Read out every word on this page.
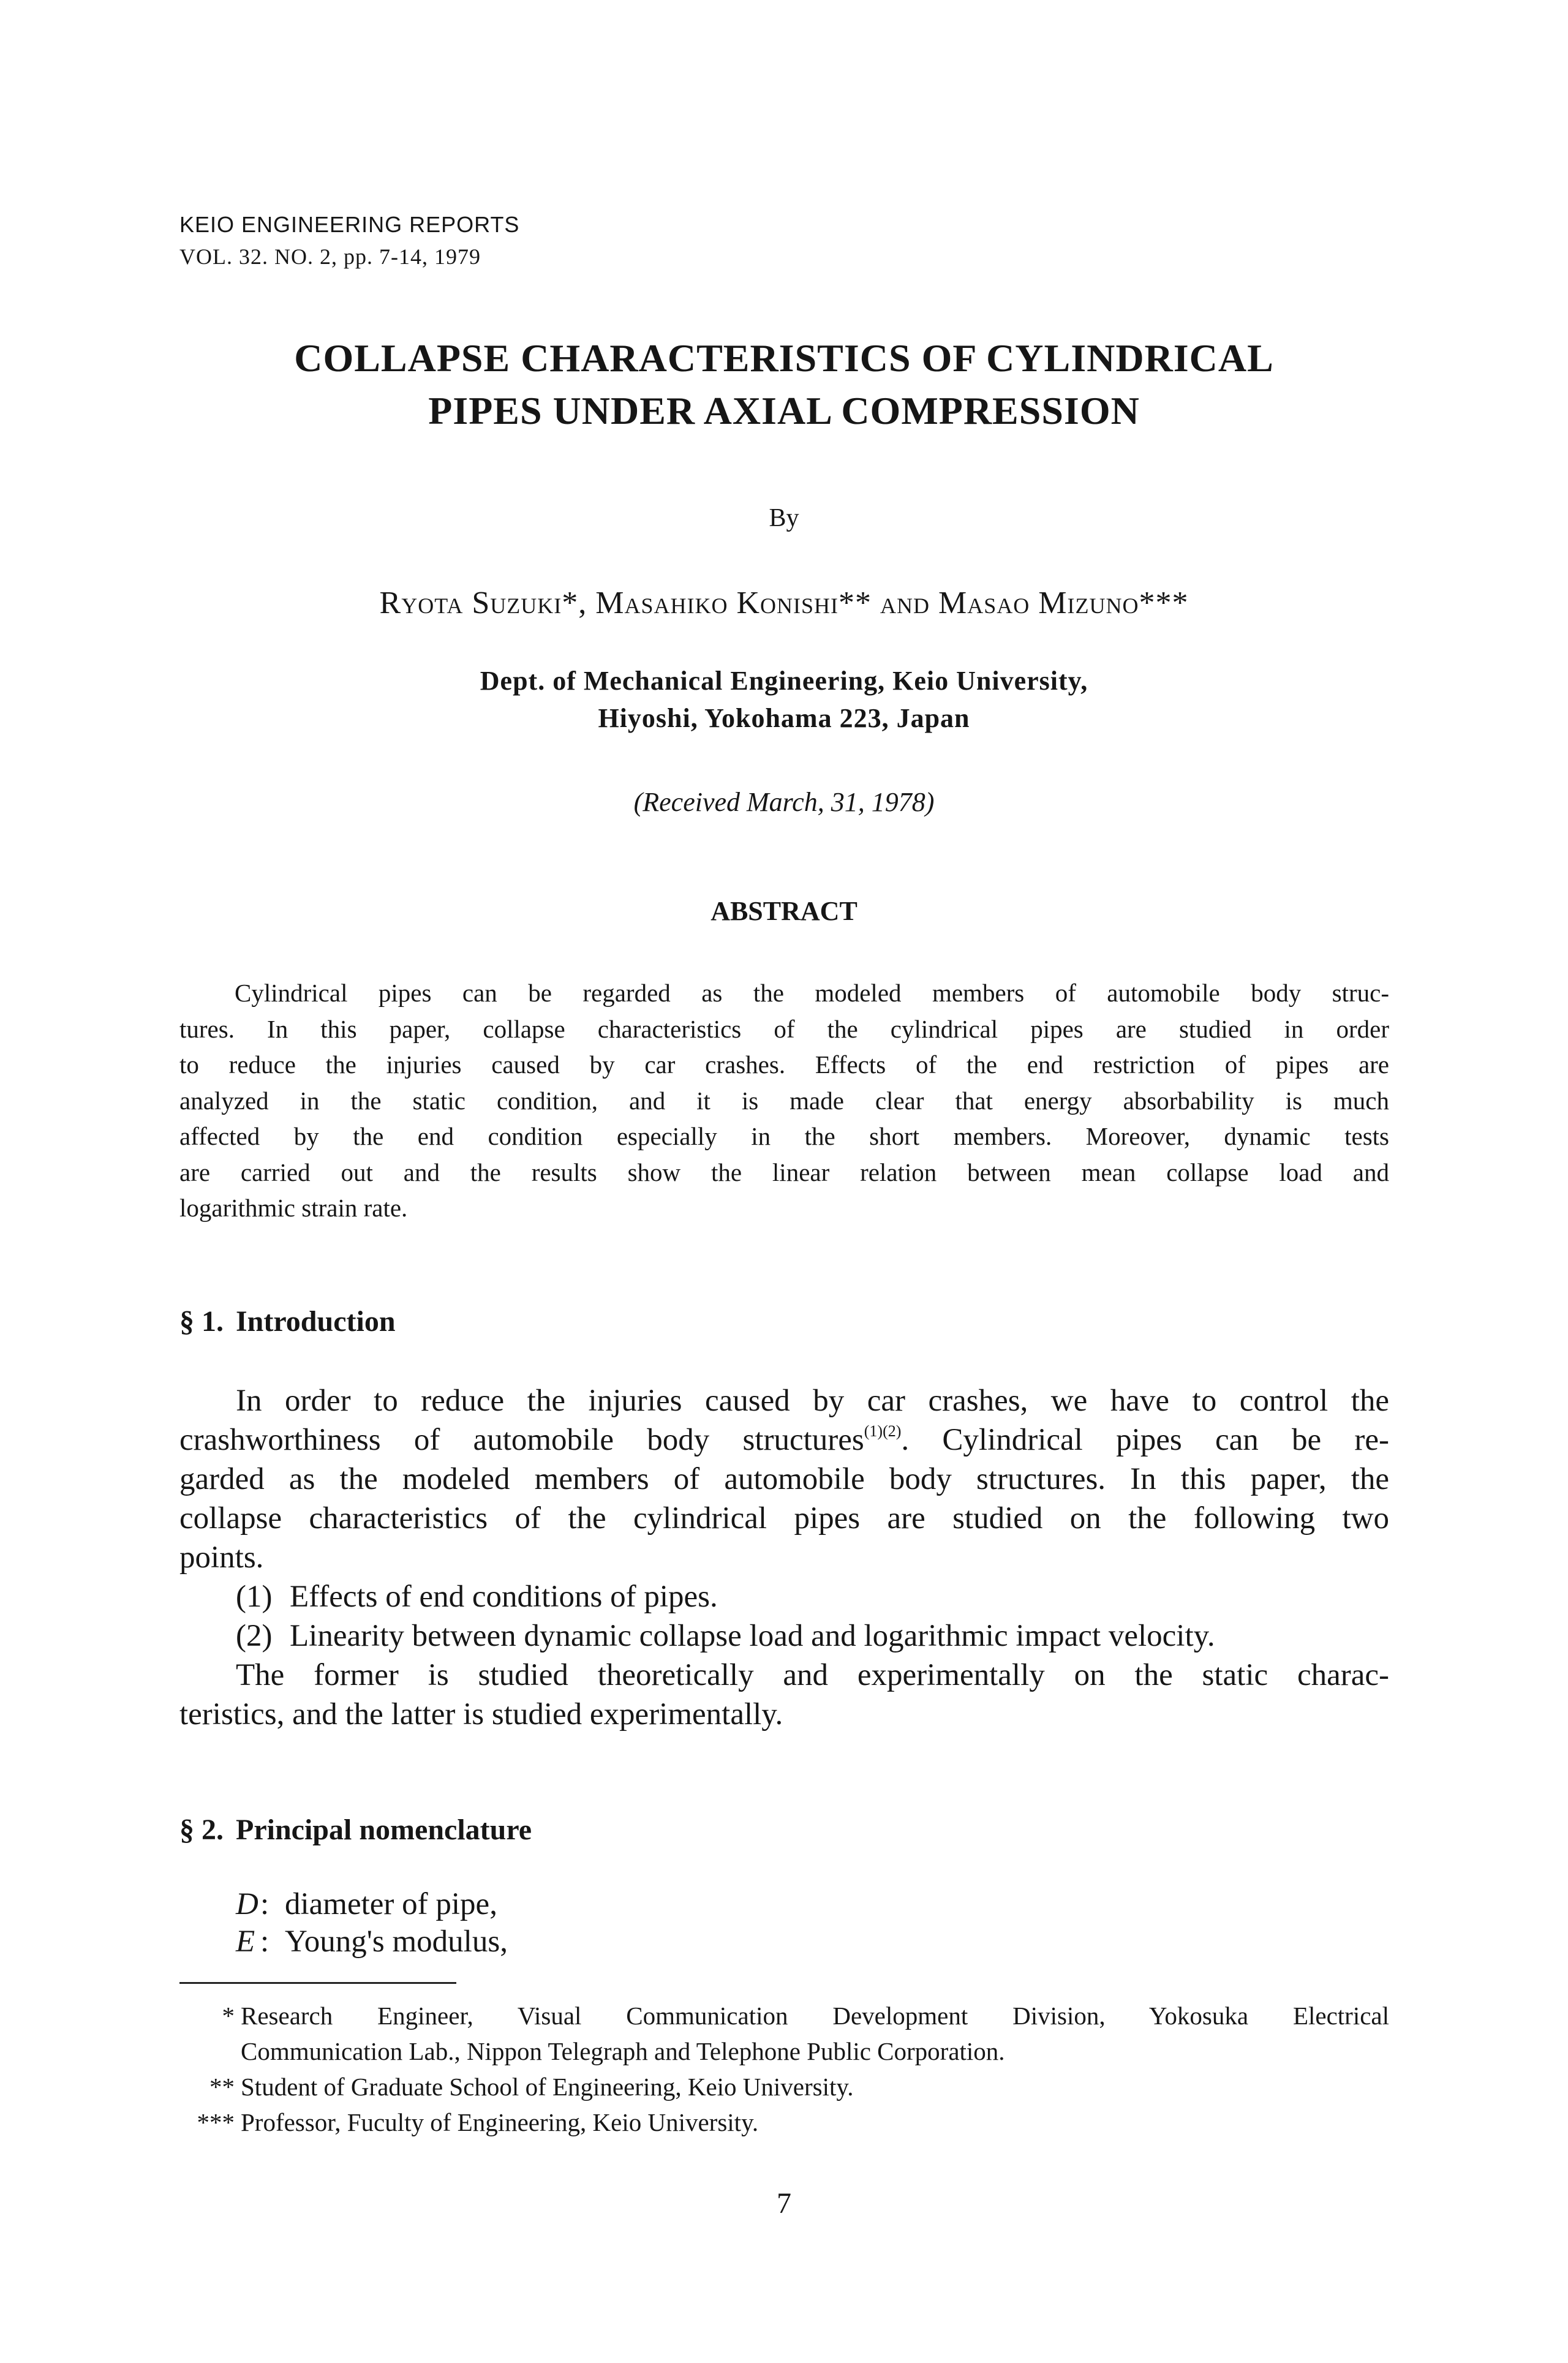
KEIO ENGINEERING REPORTS
VOL. 32. NO. 2, pp. 7-14, 1979
COLLAPSE CHARACTERISTICS OF CYLINDRICAL
PIPES UNDER AXIAL COMPRESSION
By
Ryota Suzuki*, Masahiko Konishi** and Masao Mizuno***
Dept. of Mechanical Engineering, Keio University,
Hiyoshi, Yokohama 223, Japan
(Received March, 31, 1978)
ABSTRACT
Cylindrical pipes can be regarded as the modeled members of automobile body struc-
tures. In this paper, collapse characteristics of the cylindrical pipes are studied in order
to reduce the injuries caused by car crashes. Effects of the end restriction of pipes are
analyzed in the static condition, and it is made clear that energy absorbability is much
affected by the end condition especially in the short members. Moreover, dynamic tests
are carried out and the results show the linear relation between mean collapse load and
logarithmic strain rate.
§ 1. Introduction
In order to reduce the injuries caused by car crashes, we have to control the
crashworthiness of automobile body structures$^{(1)(2)}$. Cylindrical pipes can be re-
garded as the modeled members of automobile body structures. In this paper, the
collapse characteristics of the cylindrical pipes are studied on the following two
points.
(1) Effects of end conditions of pipes.
(2) Linearity between dynamic collapse load and logarithmic impact velocity.
The former is studied theoretically and experimentally on the static charac-
teristics, and the latter is studied experimentally.
§ 2. Principal nomenclature
D: diameter of pipe,
E : Young's modulus,
* Research Engineer, Visual Communication Development Division, Yokosuka Electrical
Communication Lab., Nippon Telegraph and Telephone Public Corporation.
** Student of Graduate School of Engineering, Keio University.
*** Professor, Fuculty of Engineering, Keio University.
7
